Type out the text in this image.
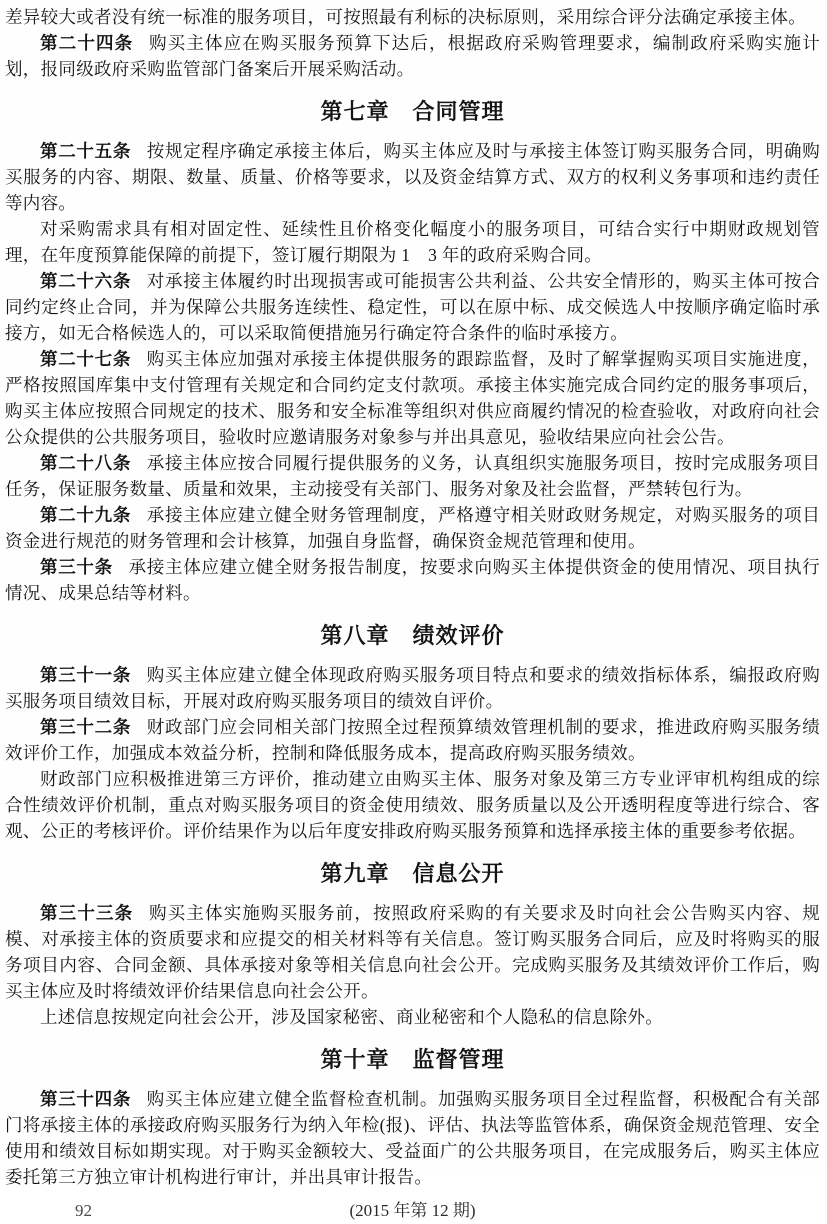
差异较大或者没有统一标准的服务项目，可按照最有利标的决标原则，采用综合评分法确定承接主体。

第二十四条 购买主体应在购买服务预算下达后，根据政府采购管理要求，编制政府采购实施计划，报同级政府采购监管部门备案后开展采购活动。

第七章　合同管理

第二十五条 按规定程序确定承接主体后，购买主体应及时与承接主体签订购买服务合同，明确购买服务的内容、期限、数量、质量、价格等要求，以及资金结算方式、双方的权利义务事项和违约责任等内容。

对采购需求具有相对固定性、延续性且价格变化幅度小的服务项目，可结合实行中期财政规划管理，在年度预算能保障的前提下，签订履行期限为 1　3 年的政府采购合同。

第二十六条 对承接主体履约时出现损害或可能损害公共利益、公共安全情形的，购买主体可按合同约定终止合同，并为保障公共服务连续性、稳定性，可以在原中标、成交候选人中按顺序确定临时承接方，如无合格候选人的，可以采取简便措施另行确定符合条件的临时承接方。

第二十七条 购买主体应加强对承接主体提供服务的跟踪监督，及时了解掌握购买项目实施进度，严格按照国库集中支付管理有关规定和合同约定支付款项。承接主体实施完成合同约定的服务事项后，购买主体应按照合同规定的技术、服务和安全标准等组织对供应商履约情况的检查验收，对政府向社会公众提供的公共服务项目，验收时应邀请服务对象参与并出具意见，验收结果应向社会公告。

第二十八条 承接主体应按合同履行提供服务的义务，认真组织实施服务项目，按时完成服务项目任务，保证服务数量、质量和效果，主动接受有关部门、服务对象及社会监督，严禁转包行为。

第二十九条 承接主体应建立健全财务管理制度，严格遵守相关财政财务规定，对购买服务的项目资金进行规范的财务管理和会计核算，加强自身监督，确保资金规范管理和使用。

第三十条 承接主体应建立健全财务报告制度，按要求向购买主体提供资金的使用情况、项目执行情况、成果总结等材料。

第八章　绩效评价

第三十一条 购买主体应建立健全体现政府购买服务项目特点和要求的绩效指标体系，编报政府购买服务项目绩效目标，开展对政府购买服务项目的绩效自评价。

第三十二条 财政部门应会同相关部门按照全过程预算绩效管理机制的要求，推进政府购买服务绩效评价工作，加强成本效益分析，控制和降低服务成本，提高政府购买服务绩效。

财政部门应积极推进第三方评价，推动建立由购买主体、服务对象及第三方专业评审机构组成的综合性绩效评价机制，重点对购买服务项目的资金使用绩效、服务质量以及公开透明程度等进行综合、客观、公正的考核评价。评价结果作为以后年度安排政府购买服务预算和选择承接主体的重要参考依据。

第九章　信息公开

第三十三条 购买主体实施购买服务前，按照政府采购的有关要求及时向社会公告购买内容、规模、对承接主体的资质要求和应提交的相关材料等有关信息。签订购买服务合同后，应及时将购买的服务项目内容、合同金额、具体承接对象等相关信息向社会公开。完成购买服务及其绩效评价工作后，购买主体应及时将绩效评价结果信息向社会公开。

上述信息按规定向社会公开，涉及国家秘密、商业秘密和个人隐私的信息除外。

第十章　监督管理

第三十四条 购买主体应建立健全监督检查机制。加强购买服务项目全过程监督，积极配合有关部门将承接主体的承接政府购买服务行为纳入年检(报)、评估、执法等监管体系，确保资金规范管理、安全使用和绩效目标如期实现。对于购买金额较大、受益面广的公共服务项目，在完成服务后，购买主体应委托第三方独立审计机构进行审计，并出具审计报告。

92	(2015 年第 12 期)
